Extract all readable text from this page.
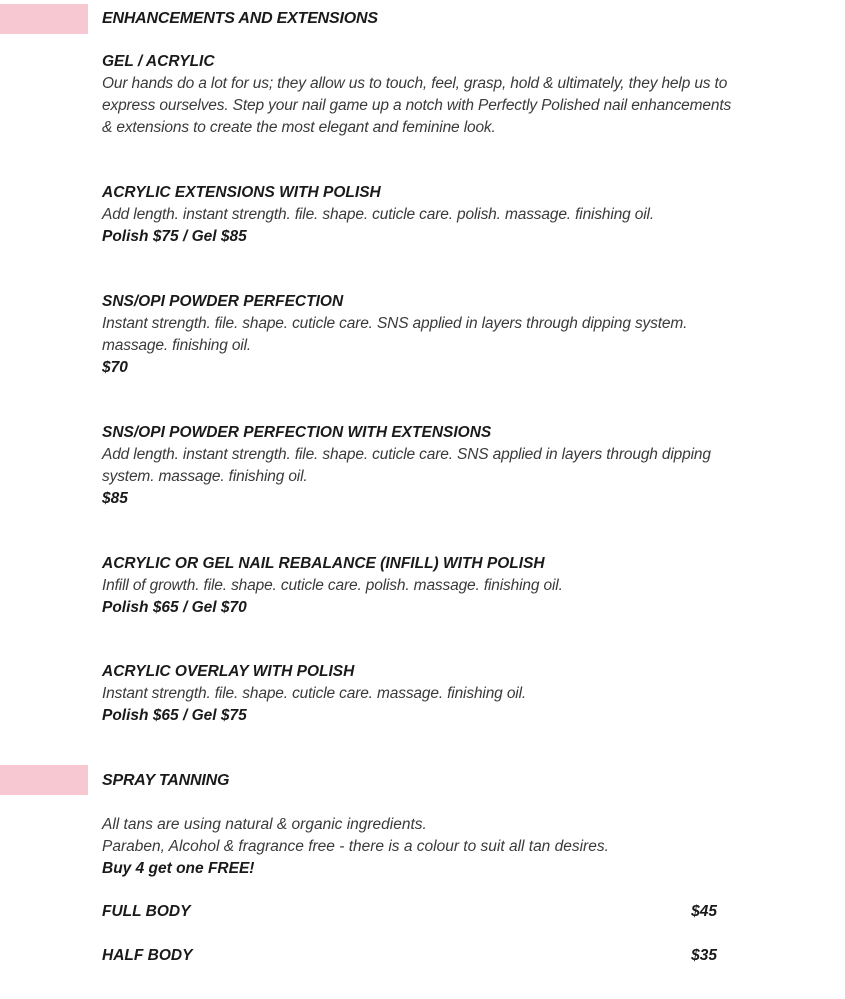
ENHANCEMENTS AND EXTENSIONS
GEL / ACRYLIC
Our hands do a lot for us; they allow us to touch, feel, grasp, hold & ultimately, they help us to express ourselves. Step your nail game up a notch with Perfectly Polished nail enhancements & extensions to create the most elegant and feminine look.
ACRYLIC EXTENSIONS WITH POLISH
Add length. instant strength. file. shape. cuticle care. polish. massage. finishing oil.
Polish $75 / Gel $85
SNS/OPI POWDER PERFECTION
Instant strength. file. shape. cuticle care. SNS applied in layers through dipping system. massage. finishing oil.
$70
SNS/OPI POWDER PERFECTION WITH EXTENSIONS
Add length. instant strength. file. shape. cuticle care. SNS applied in layers through dipping system. massage. finishing oil.
$85
ACRYLIC OR GEL NAIL REBALANCE (INFILL) WITH POLISH
Infill of growth. file. shape. cuticle care. polish. massage. finishing oil.
Polish $65 / Gel $70
ACRYLIC OVERLAY WITH POLISH
Instant strength. file. shape. cuticle care. massage. finishing oil.
Polish $65 / Gel $75
SPRAY TANNING
All tans are using natural & organic ingredients.
Paraben, Alcohol & fragrance free - there is a colour to suit all tan desires.
Buy 4 get one FREE!
FULL BODY	$45
HALF BODY	$35
